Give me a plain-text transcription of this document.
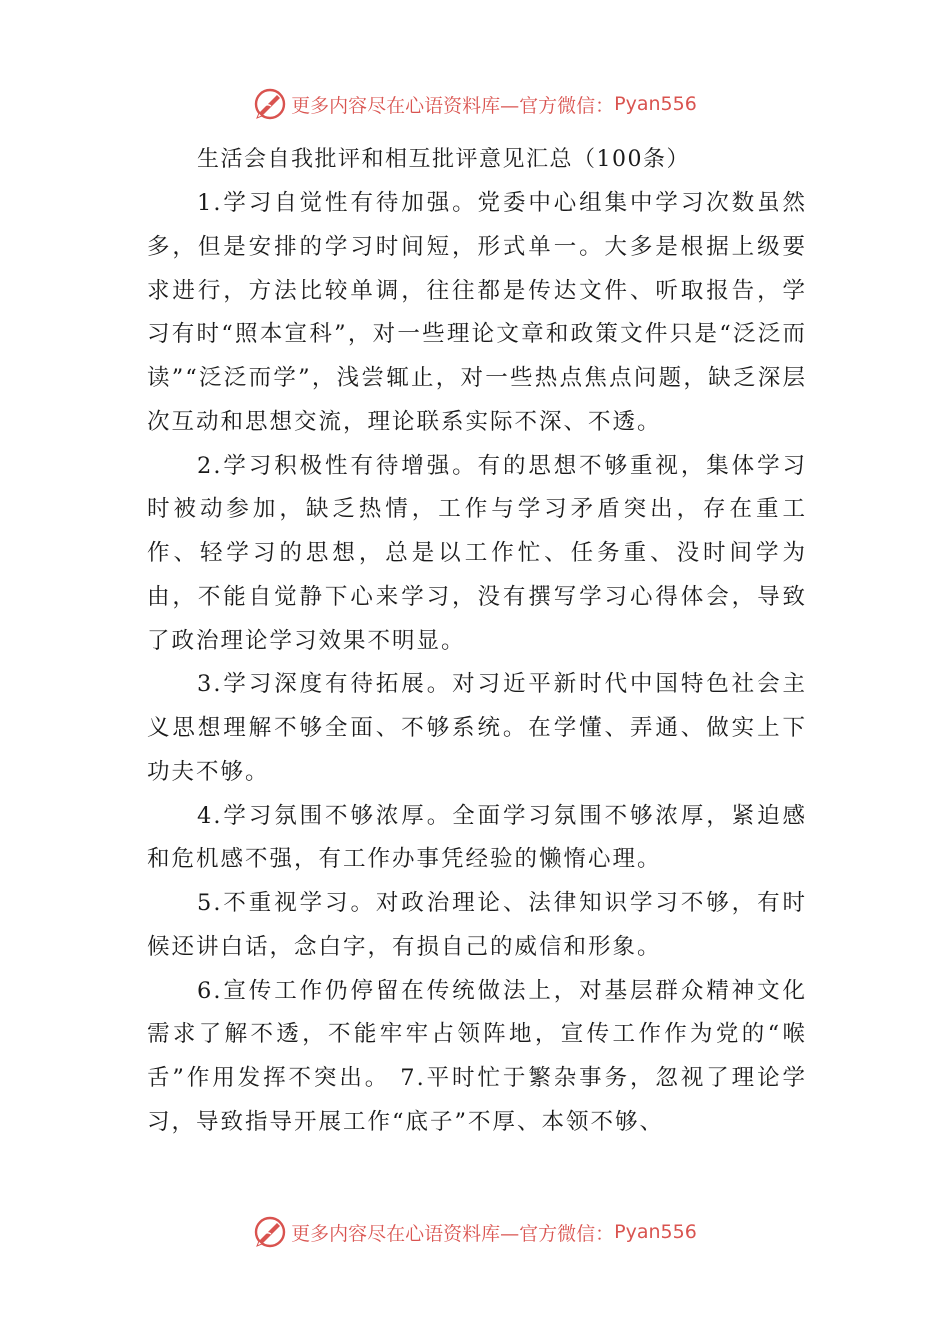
更多内容尽在心语资料库—官方微信： Pyan556
生活会自我批评和相互批评意见汇总（100条）

1.学习自觉性有待加强。党委中心组集中学习次数虽然多，但是安排的学习时间短，形式单一。大多是根据上级要求进行，方法比较单调，往往都是传达文件、听取报告，学习有时“照本宣科”，对一些理论文章和政策文件只是“泛泛而读”“泛泛而学”，浅尝辄止，对一些热点焦点问题，缺乏深层次互动和思想交流，理论联系实际不深、不透。

2.学习积极性有待增强。有的思想不够重视，集体学习时被动参加，缺乏热情，工作与学习矛盾突出，存在重工作、轻学习的思想，总是以工作忙、任务重、没时间学为由，不能自觉静下心来学习，没有撰写学习心得体会，导致了政治理论学习效果不明显。

3.学习深度有待拓展。对习近平新时代中国特色社会主义思想理解不够全面、不够系统。在学懂、弄通、做实上下功夫不够。

4.学习氛围不够浓厚。全面学习氛围不够浓厚，紧迫感和危机感不强，有工作办事凭经验的懒惰心理。

5.不重视学习。对政治理论、法律知识学习不够，有时候还讲白话，念白字，有损自己的威信和形象。

6.宣传工作仍停留在传统做法上，对基层群众精神文化需求了解不透，不能牢牢占领阵地，宣传工作作为党的“喉舌”作用发挥不突出。 7.平时忙于繁杂事务，忽视了理论学习，导致指导开展工作“底子”不厚、本领不够、

更多内容尽在心语资料库—官方微信： Pyan556
